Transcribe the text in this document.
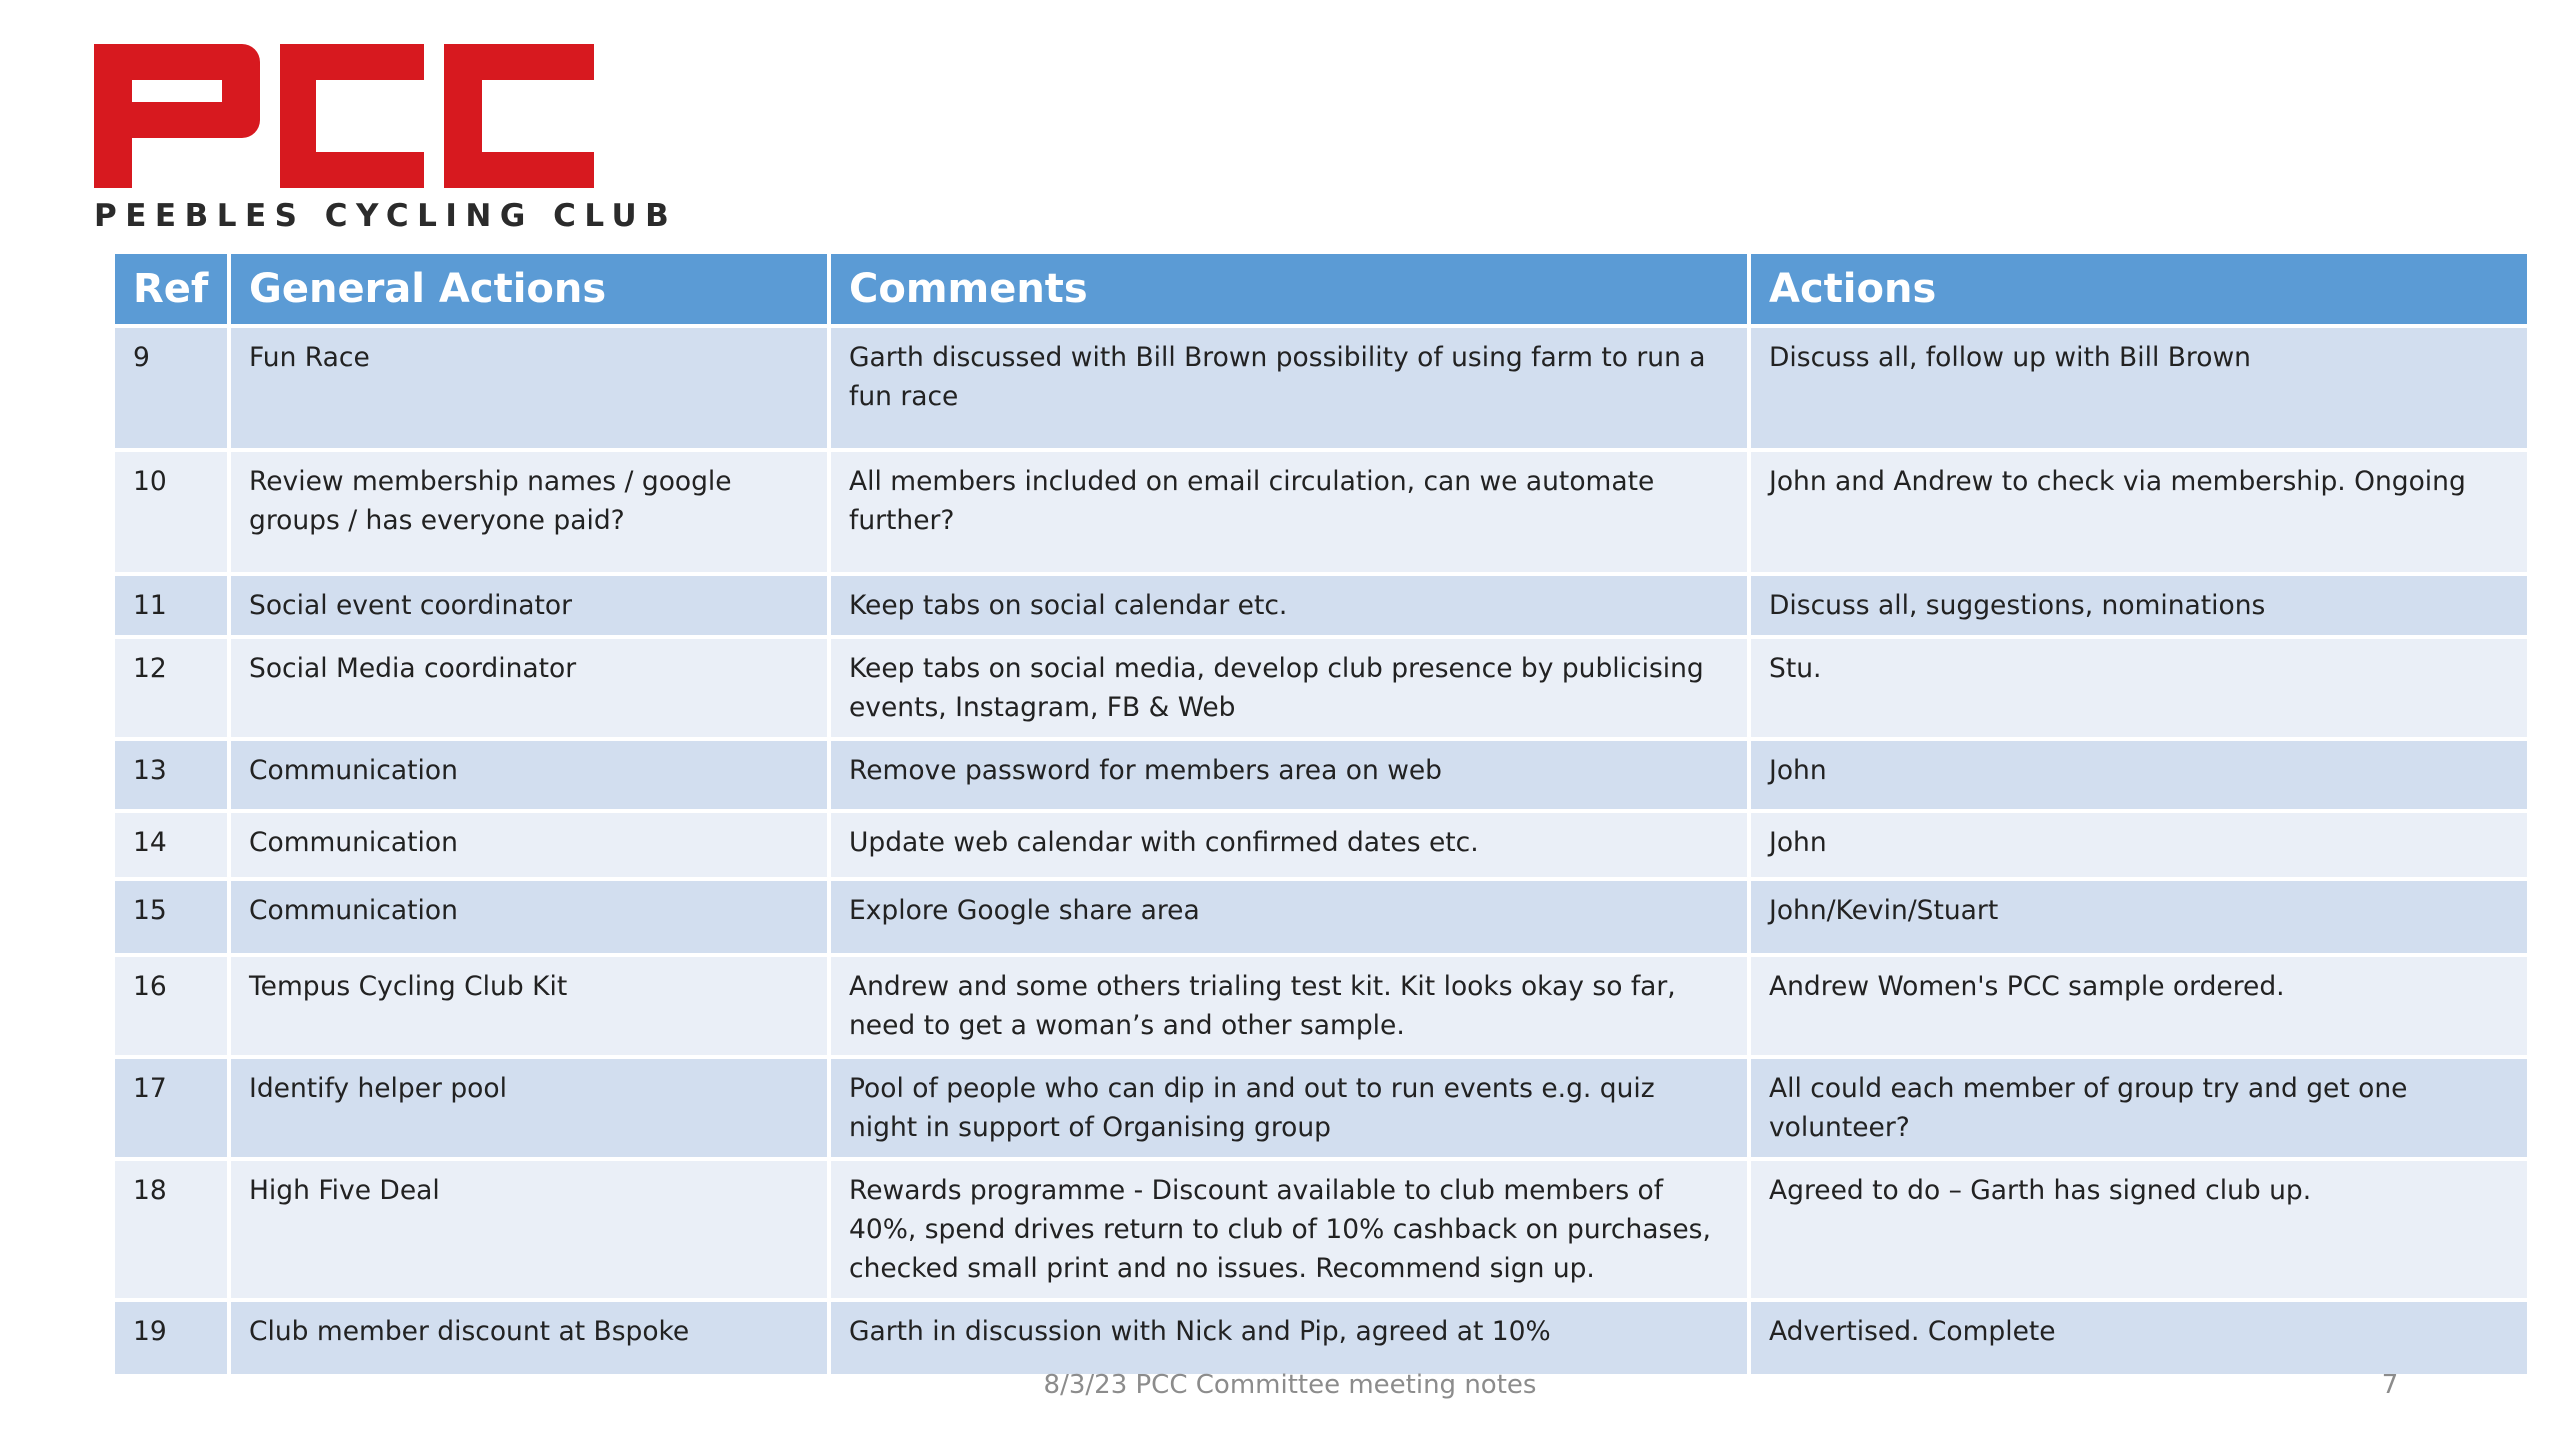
PEEBLES CYCLING CLUB
Ref	General Actions	Comments	Actions
9	Fun Race	Garth discussed with Bill Brown possibility of using farm to run a fun race	Discuss all, follow up with Bill Brown
10	Review membership names / google groups / has everyone paid?	All members included on email circulation, can we automate further?	John and Andrew to check via membership. Ongoing
11	Social event coordinator	Keep tabs on social calendar etc.	Discuss all, suggestions, nominations
12	Social Media coordinator	Keep tabs on social media, develop club presence by publicising events, Instagram, FB & Web	Stu.
13	Communication	Remove password for members area on web	John
14	Communication	Update web calendar with confirmed dates etc.	John
15	Communication	Explore Google share area	John/Kevin/Stuart
16	Tempus Cycling Club Kit	Andrew and some others trialing test kit. Kit looks okay so far, need to get a woman’s and other sample.	Andrew Women's PCC sample ordered.
17	Identify helper pool	Pool of people who can dip in and out to run events e.g. quiz night in support of Organising group	All could each member of group try and get one volunteer?
18	High Five Deal	Rewards programme - Discount available to club members of 40%, spend drives return to club of 10% cashback on purchases, checked small print and no issues. Recommend sign up.	Agreed to do – Garth has signed club up.
19	Club member discount at Bspoke	Garth in discussion with Nick and Pip, agreed at 10%	Advertised. Complete
8/3/23 PCC Committee meeting notes	7
